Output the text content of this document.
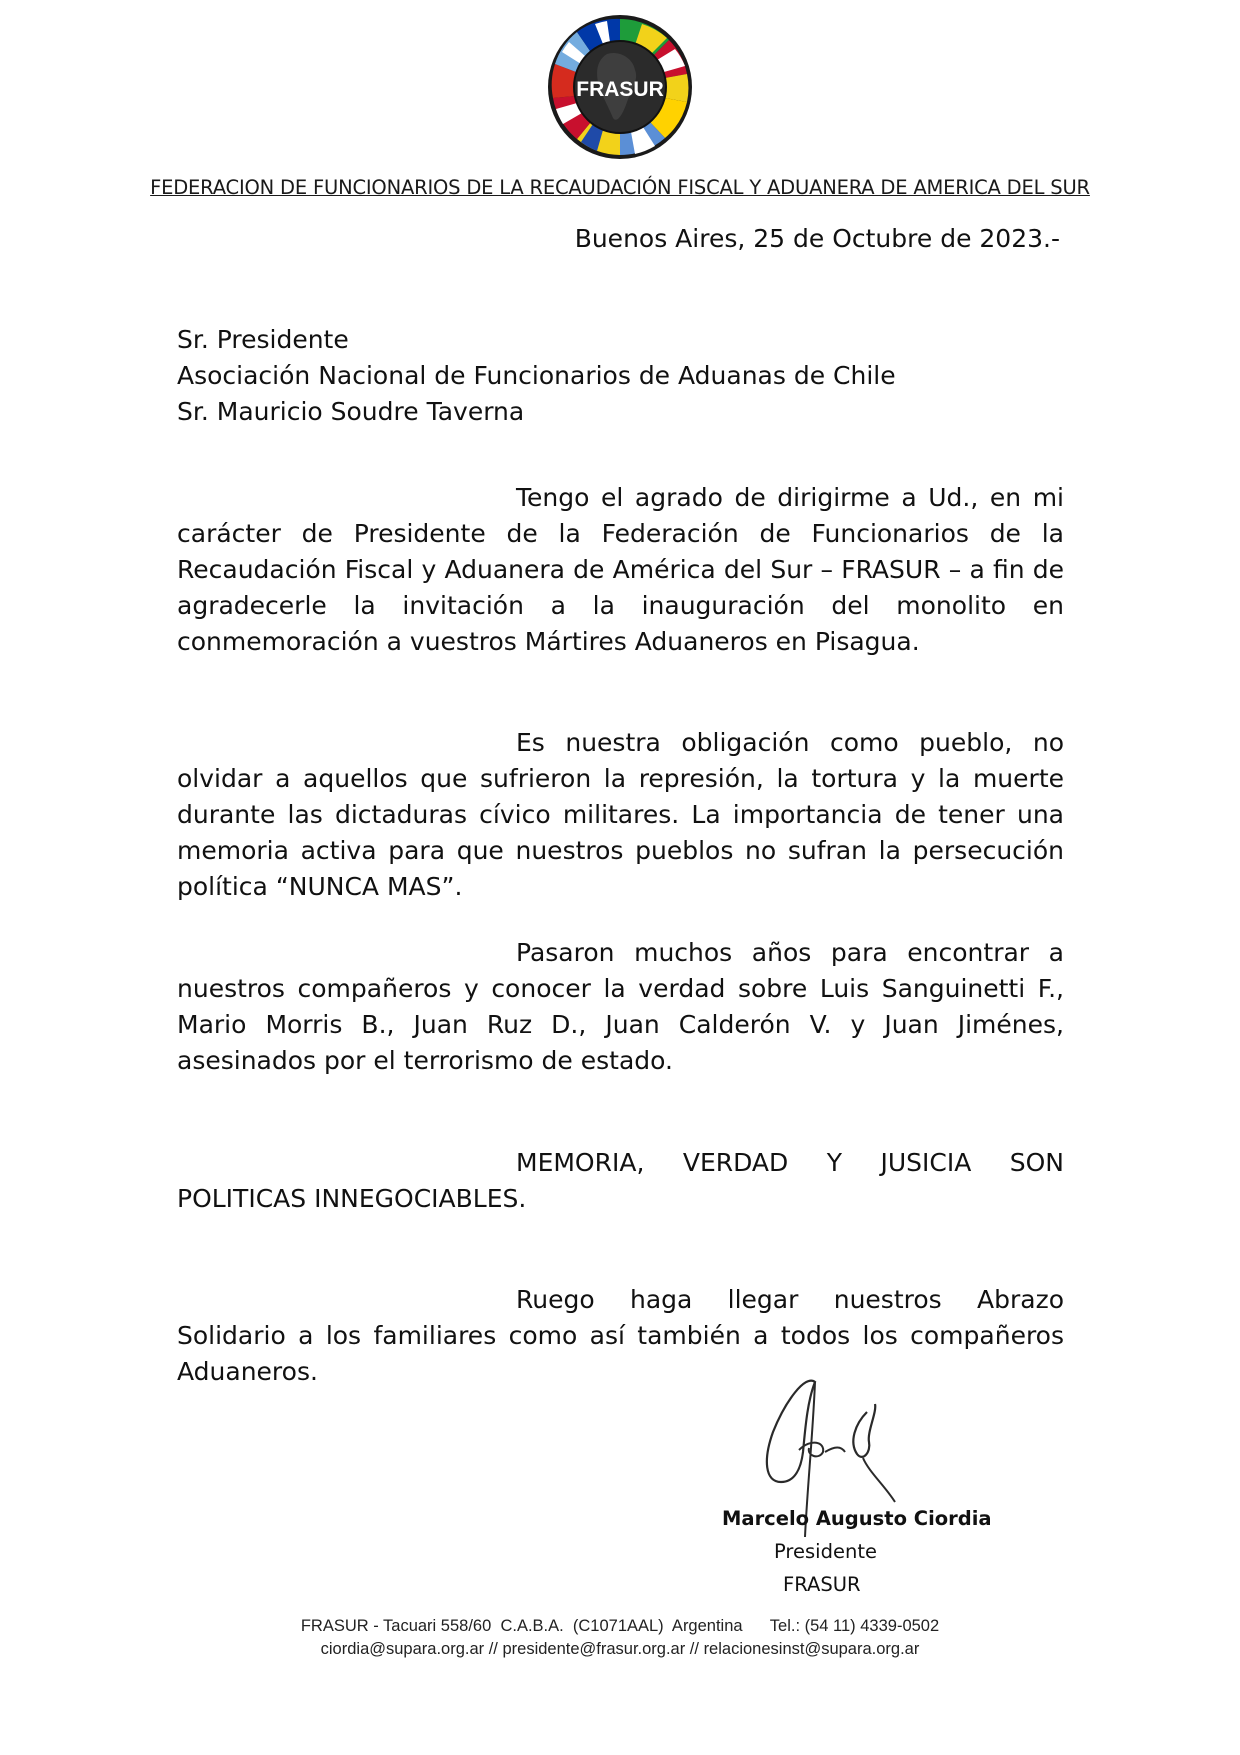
FRASUR
FEDERACION DE FUNCIONARIOS DE LA RECAUDACIÓN FISCAL Y ADUANERA DE AMERICA DEL SUR
Buenos Aires, 25 de Octubre de 2023.-
Sr. Presidente
Asociación Nacional de Funcionarios de Aduanas de Chile
Sr. Mauricio Soudre Taverna
Tengo el agrado de dirigirme a Ud., en mi carácter de Presidente de la Federación de Funcionarios de la Recaudación Fiscal y Aduanera de América del Sur – FRASUR – a fin de agradecerle la invitación a la inauguración del monolito en conmemoración a vuestros Mártires Aduaneros en Pisagua.
Es nuestra obligación como pueblo, no olvidar a aquellos que sufrieron la represión, la tortura y la muerte durante las dictaduras cívico militares. La importancia de tener una memoria activa para que nuestros pueblos no sufran la persecución política “NUNCA MAS”.
Pasaron muchos años para encontrar a nuestros compañeros y conocer la verdad sobre Luis Sanguinetti F., Mario Morris B., Juan Ruz D., Juan Calderón V. y Juan Jiménes, asesinados por el terrorismo de estado.
MEMORIA, VERDAD Y JUSICIA SON POLITICAS INNEGOCIABLES.
Ruego haga llegar nuestros Abrazo Solidario a los familiares como así también a todos los compañeros Aduaneros.
Marcelo Augusto Ciordia
Presidente
FRASUR
FRASUR - Tacuari 558/60  C.A.B.A.  (C1071AAL)  Argentina      Tel.: (54 11) 4339-0502
ciordia@supara.org.ar // presidente@frasur.org.ar // relacionesinst@supara.org.ar
